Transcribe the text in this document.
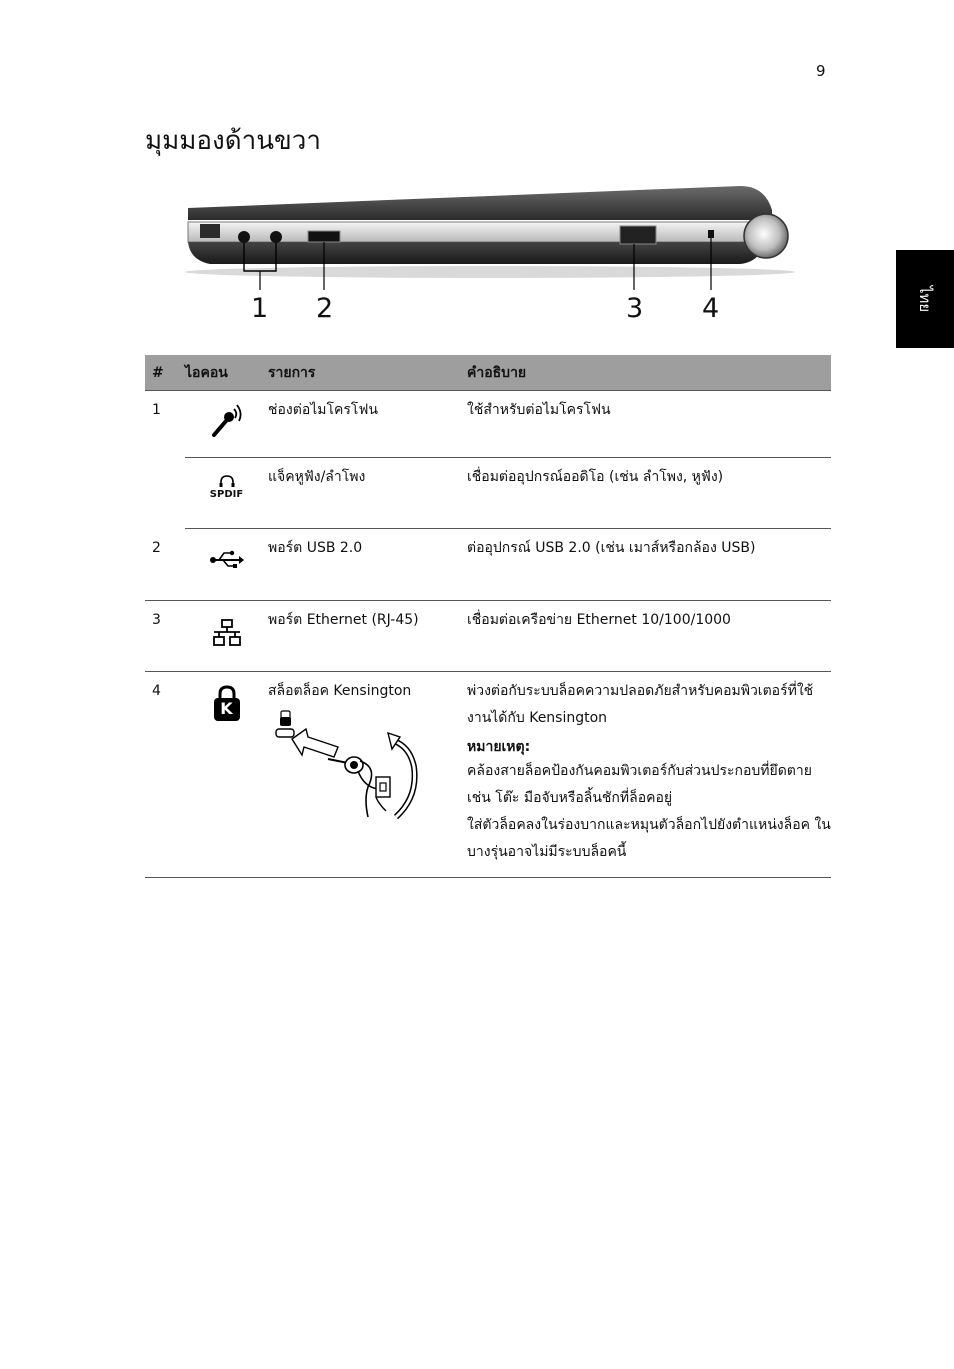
9
มุมมองด้านขวา
ไทย
1 2	3 4
#	ไอคอน	รายการ	คำอธิบาย

1		ช่องต่อไมโครโฟน	ใช้สำหรับต่อไมโครโฟน

	SPDIF	แจ็คหูฟัง/ลำโพง	เชื่อมต่ออุปกรณ์ออดิโอ (เช่น ลำโพง, หูฟัง)

2		พอร์ต USB 2.0	ต่ออุปกรณ์ USB 2.0 (เช่น เมาส์หรือกล้อง USB)

3		พอร์ต Ethernet (RJ-45)	เชื่อมต่อเครือข่าย Ethernet 10/100/1000

4	K	สล็อตล็อค Kensington	พ่วงต่อกับระบบล็อคความปลอดภัยสำหรับคอมพิวเตอร์ที่ใช้งานได้กับ Kensington
หมายเหตุ:
คล้องสายล็อคป้องกันคอมพิวเตอร์กับส่วนประกอบที่ยึดตาย เช่น โต๊ะ มือจับหรือลิ้นชักที่ล็อคอยู่
ใส่ตัวล็อคลงในร่องบากและหมุนตัวล็อกไปยังตำแหน่งล็อค ในบางรุ่นอาจไม่มีระบบล็อคนี้
